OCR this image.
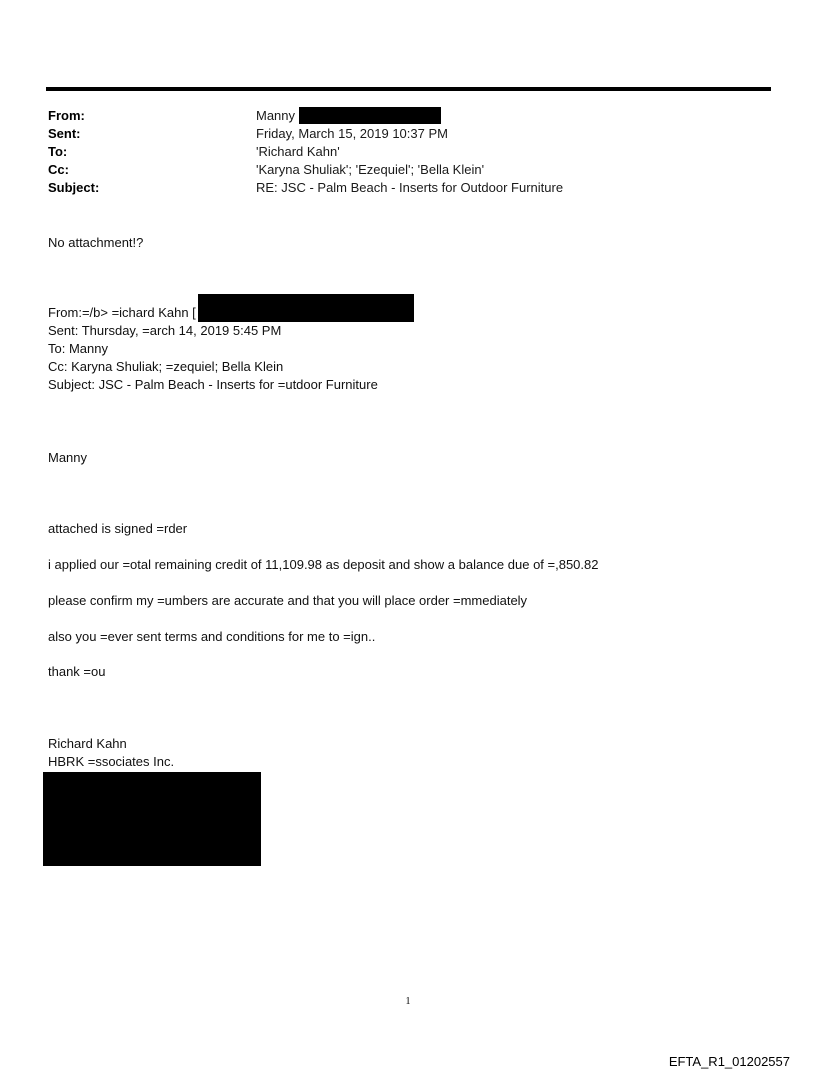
From:	Manny
Sent:	Friday, March 15, 2019 10:37 PM
To:	'Richard Kahn'
Cc:	'Karyna Shuliak'; 'Ezequiel'; 'Bella Klein'
Subject:	RE: JSC - Palm Beach - Inserts for Outdoor Furniture
No attachment!?
From:=/b> =ichard Kahn [
Sent: Thursday, =arch 14, 2019 5:45 PM
To: Manny
Cc: Karyna Shuliak; =zequiel; Bella Klein
Subject: JSC - Palm Beach - Inserts for =utdoor Furniture
Manny
attached is signed =rder
i applied our =otal remaining credit of 11,109.98 as deposit and show a balance due of =,850.82
please confirm my =umbers are accurate and that you will place order =mmediately
also you =ever sent terms and conditions for me to =ign..
thank =ou
Richard Kahn
HBRK =ssociates Inc.
1
EFTA_R1_01202557
